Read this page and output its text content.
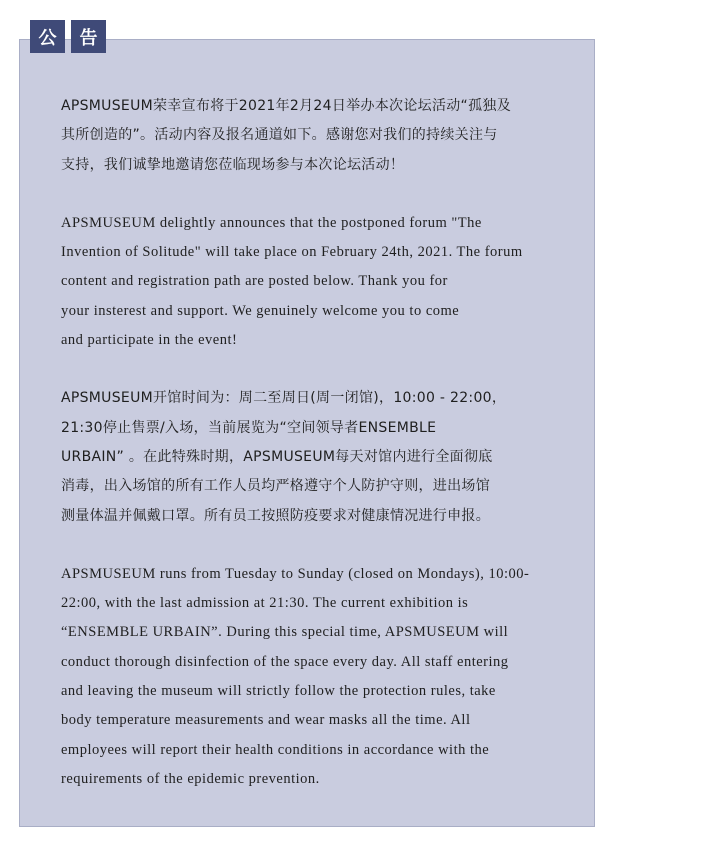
公	告

APSMUSEUM荣幸宣布将于2021年2月24日举办本次论坛活动“孤独及
其所创造的”。活动内容及报名通道如下。感谢您对我们的持续关注与
支持，我们诚挚地邀请您莅临现场参与本次论坛活动！

APSMUSEUM delightly announces that the postponed forum "The
Invention of Solitude" will take place on February 24th, 2021. The forum
content and registration path are posted below. Thank you for
your insterest and support. We genuinely welcome you to come
and participate in the event!

APSMUSEUM开馆时间为：周二至周日(周一闭馆)，10:00 - 22:00，
21:30停止售票/入场，当前展览为“空间领导者ENSEMBLE
URBAIN” 。在此特殊时期，APSMUSEUM每天对馆内进行全面彻底
消毒，出入场馆的所有工作人员均严格遵守个人防护守则，进出场馆
测量体温并佩戴口罩。所有员工按照防疫要求对健康情况进行申报。

APSMUSEUM runs from Tuesday to Sunday (closed on Mondays), 10:00-
22:00, with the last admission at 21:30. The current exhibition is
“ENSEMBLE URBAIN”. During this special time, APSMUSEUM will
conduct thorough disinfection of the space every day. All staff entering
and leaving the museum will strictly follow the protection rules, take
body temperature measurements and wear masks all the time. All
employees will report their health conditions in accordance with the
requirements of the epidemic prevention.
